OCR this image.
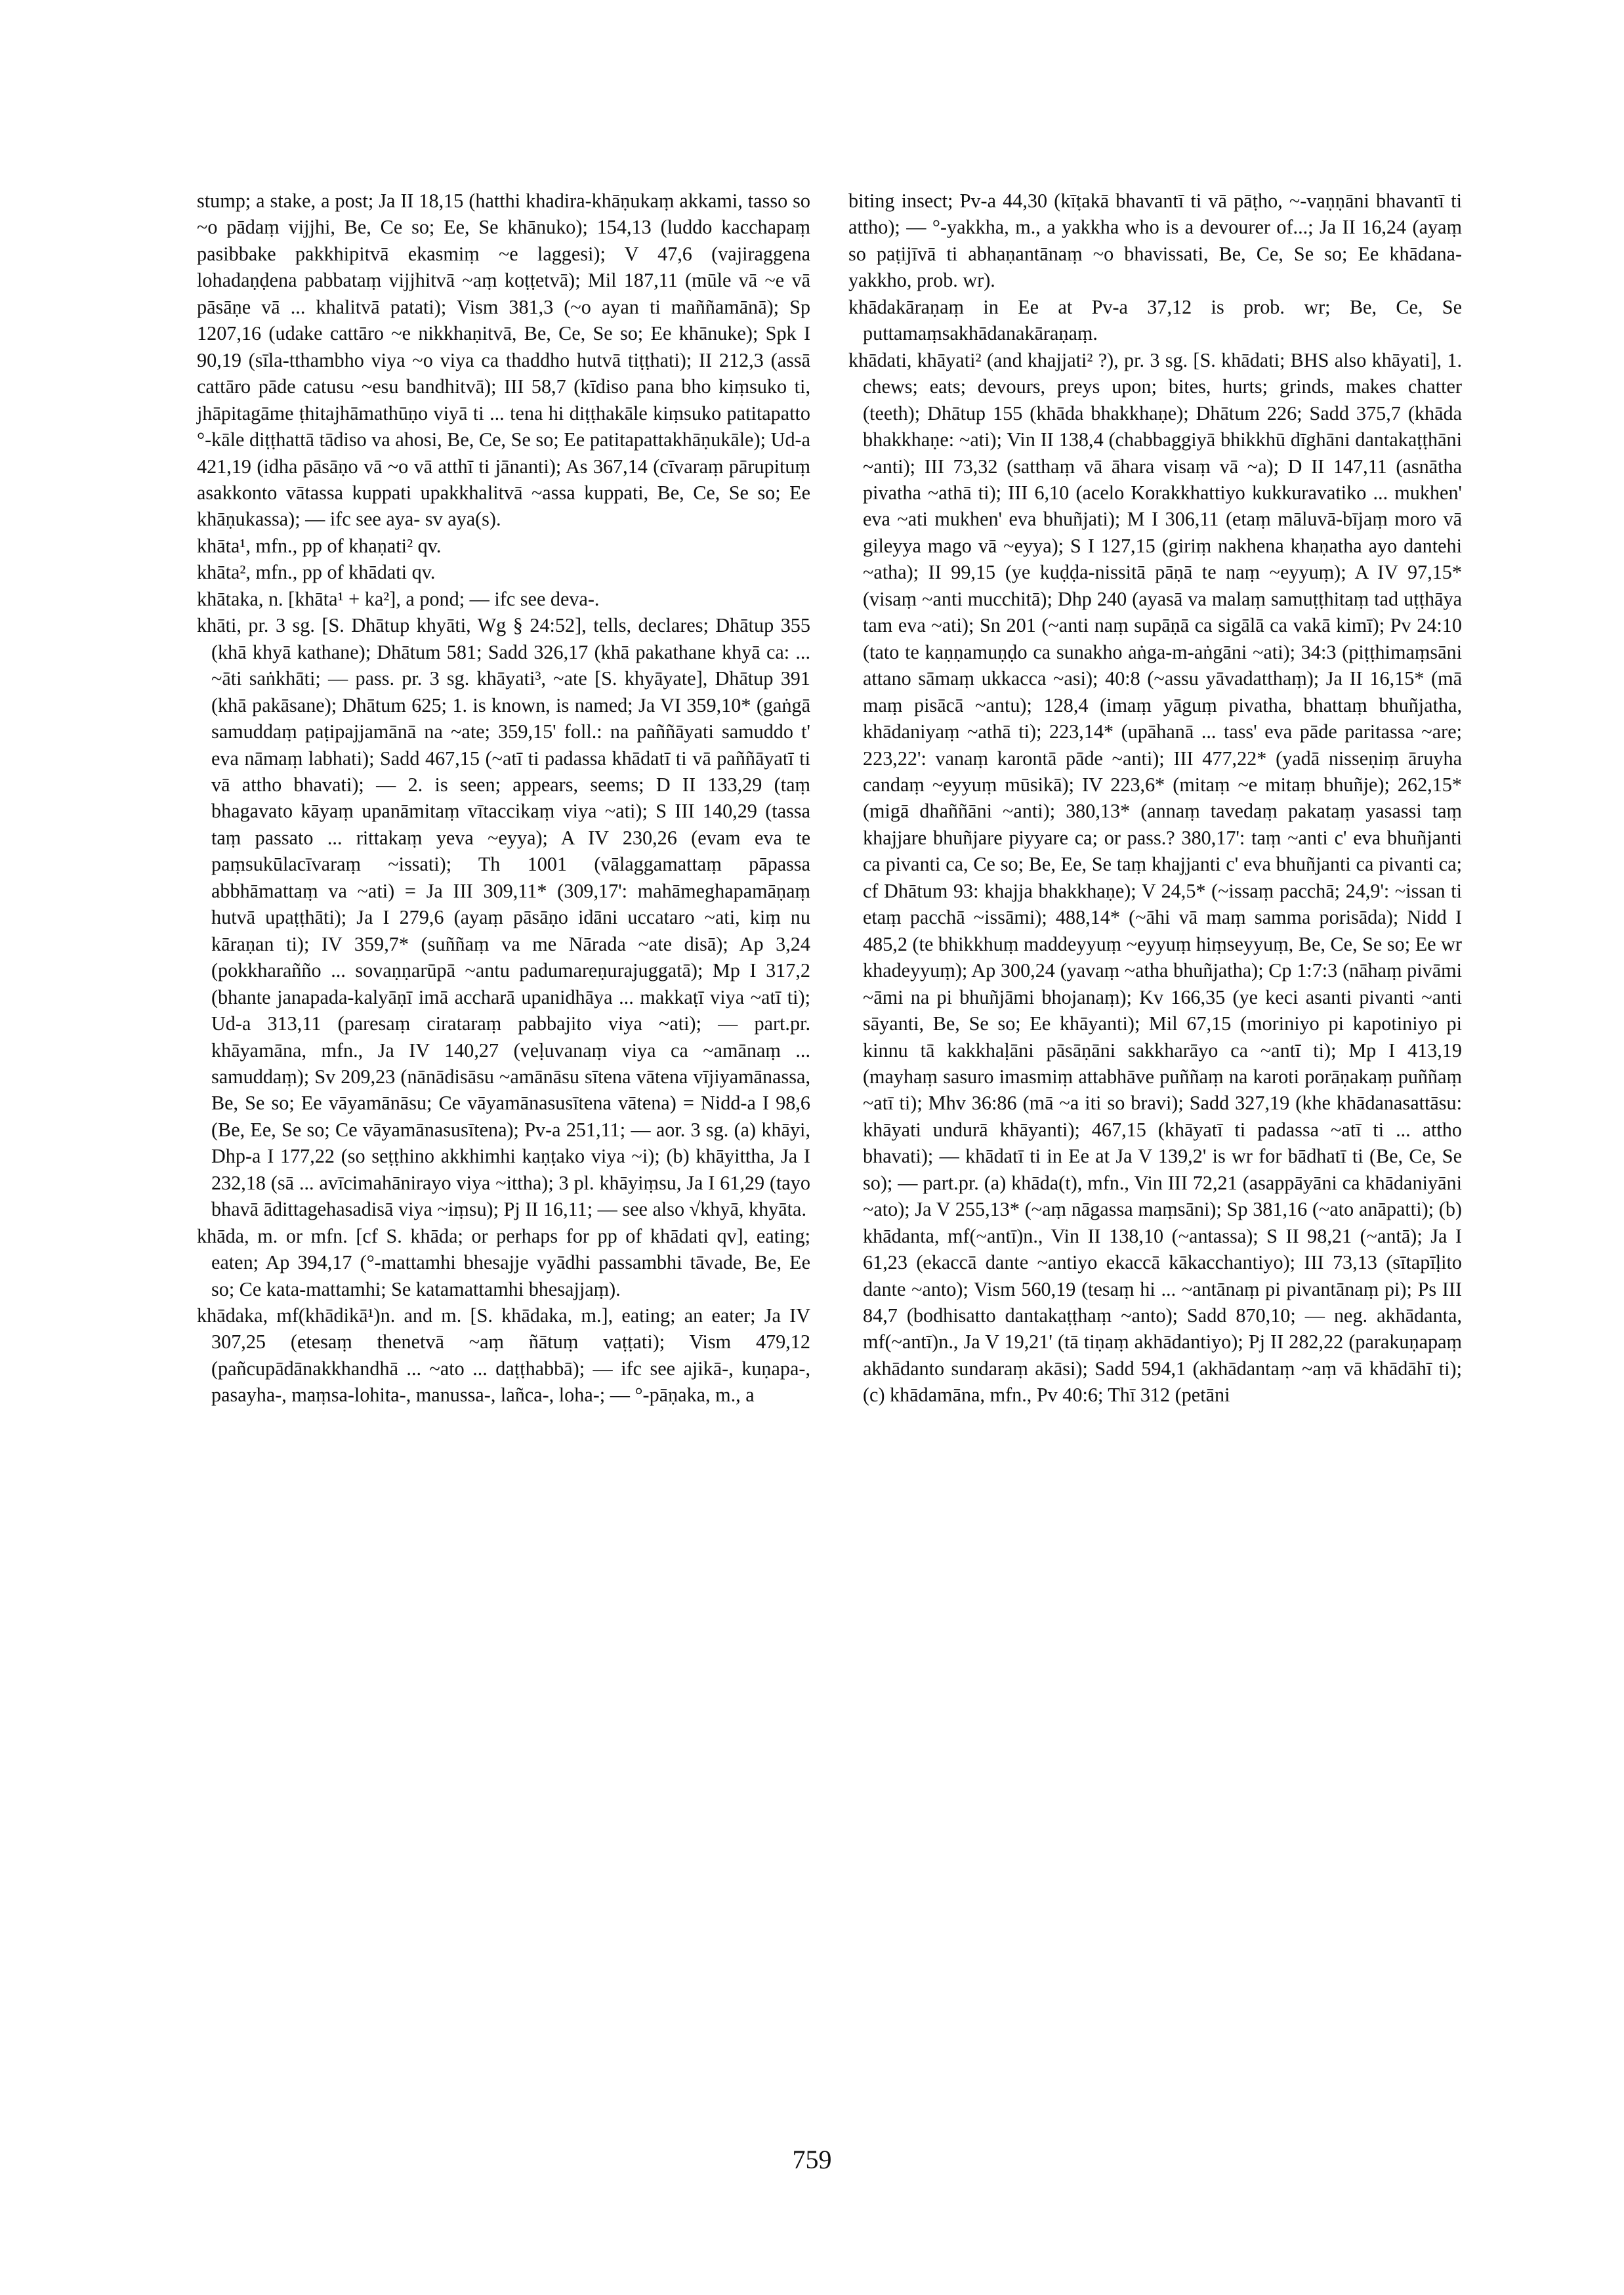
stump; a stake, a post; Ja II 18,15 (hatthi khadira-khāṇukaṃ akkami, tasso so ~o pādaṃ vijjhi, Be, Ce so; Ee, Se khānuko); 154,13 (luddo kacchapaṃ pasibbake pakkhipitvā ekasmiṃ ~e laggesi); V 47,6 (vajiraggena lohadaṇḍena pabbataṃ vijjhitvā ~aṃ koṭṭetvā); Mil 187,11 (mūle vā ~e vā pāsāṇe vā ... khalitvā patati); Vism 381,3 (~o ayan ti maññamānā); Sp 1207,16 (udake cattāro ~e nikkhaṇitvā, Be, Ce, Se so; Ee khānuke); Spk I 90,19 (sīla-tthambho viya ~o viya ca thaddho hutvā tiṭṭhati); II 212,3 (assā cattāro pāde catusu ~esu bandhitvā); III 58,7 (kīdiso pana bho kiṃsuko ti, jhāpitagāme ṭhitajhāmathūṇo viyā ti ... tena hi diṭṭhakāle kiṃsuko patitapatto °-kāle diṭṭhattā tādiso va ahosi, Be, Ce, Se so; Ee patitapattakhāṇukāle); Ud-a 421,19 (idha pāsāṇo vā ~o vā atthī ti jānanti); As 367,14 (cīvaraṃ pārupituṃ asakkonto vātassa kuppati upakkhalitvā ~assa kuppati, Be, Ce, Se so; Ee khāṇukassa); — ifc see aya- sv aya(s).

khāta¹, mfn., pp of khaṇati² qv.

khāta², mfn., pp of khādati qv.

khātaka, n. [khāta¹ + ka²], a pond; — ifc see deva-.

khāti, pr. 3 sg. [S. Dhātup khyāti, Wg § 24:52], tells, declares; Dhātup 355 (khā khyā kathane); Dhātum 581; Sadd 326,17 (khā pakathane khyā ca: ... ~āti saṅkhāti; — pass. pr. 3 sg. khāyati³, ~ate [S. khyāyate], Dhātup 391 (khā pakāsane); Dhātum 625; 1. is known, is named; Ja VI 359,10* (gaṅgā samuddaṃ paṭipajjamānā na ~ate; 359,15' foll.: na paññāyati samuddo t' eva nāmaṃ labhati); Sadd 467,15 (~atī ti padassa khādatī ti vā paññāyatī ti vā attho bhavati); — 2. is seen; appears, seems; D II 133,29 (taṃ bhagavato kāyaṃ upanāmitaṃ vītaccikaṃ viya ~ati); S III 140,29 (tassa taṃ passato ... rittakaṃ yeva ~eyya); A IV 230,26 (evam eva te paṃsukūlacīvaraṃ ~issati); Th 1001 (vālaggamattaṃ pāpassa abbhāmattaṃ va ~ati) = Ja III 309,11* (309,17': mahāmeghapamāṇaṃ hutvā upaṭṭhāti); Ja I 279,6 (ayaṃ pāsāṇo idāni uccataro ~ati, kiṃ nu kāraṇan ti); IV 359,7* (suññaṃ va me Nārada ~ate disā); Ap 3,24 (pokkharañño ... sovaṇṇarūpā ~antu padumareṇurajuggatā); Mp I 317,2 (bhante janapada-kalyāṇī imā accharā upanidhāya ... makkaṭī viya ~atī ti); Ud-a 313,11 (paresaṃ cirataraṃ pabbajito viya ~ati); — part.pr. khāyamāna, mfn., Ja IV 140,27 (veḷuvanaṃ viya ca ~amānaṃ ... samuddaṃ); Sv 209,23 (nānādisāsu ~amānāsu sītena vātena vījiyamānassa, Be, Se so; Ee vāyamānāsu; Ce vāyamānasusītena vātena) = Nidd-a I 98,6 (Be, Ee, Se so; Ce vāyamānasusītena); Pv-a 251,11; — aor. 3 sg. (a) khāyi, Dhp-a I 177,22 (so seṭṭhino akkhimhi kaṇṭako viya ~i); (b) khāyittha, Ja I 232,18 (sā ... avīcimahānirayo viya ~ittha); 3 pl. khāyiṃsu, Ja I 61,29 (tayo bhavā ādittagehasadisā viya ~iṃsu); Pj II 16,11; — see also √khyā, khyāta.

khāda, m. or mfn. [cf S. khāda; or perhaps for pp of khādati qv], eating; eaten; Ap 394,17 (°-mattamhi bhesajje vyādhi passambhi tāvade, Be, Ee so; Ce kata-mattamhi; Se katamattamhi bhesajjaṃ).

khādaka, mf(khādikā¹)n. and m. [S. khādaka, m.], eating; an eater; Ja IV 307,25 (etesaṃ thenetvā ~aṃ ñātuṃ vaṭṭati); Vism 479,12 (pañcupādānakkhandhā ... ~ato ... daṭṭhabbā); — ifc see ajikā-, kuṇapa-, pasayha-, maṃsa-lohita-, manussa-, lañca-, loha-; — °-pāṇaka, m., a

biting insect; Pv-a 44,30 (kīṭakā bhavantī ti vā pāṭho, ~-vaṇṇāni bhavantī ti attho); — °-yakkha, m., a yakkha who is a devourer of...; Ja II 16,24 (ayaṃ so paṭijīvā ti abhaṇantānaṃ ~o bhavissati, Be, Ce, Se so; Ee khādana-yakkho, prob. wr).

khādakāraṇaṃ in Ee at Pv-a 37,12 is prob. wr; Be, Ce, Se puttamaṃsakhādanakāraṇaṃ.

khādati, khāyati² (and khajjati² ?), pr. 3 sg. [S. khādati; BHS also khāyati], 1. chews; eats; devours, preys upon; bites, hurts; grinds, makes chatter (teeth); Dhātup 155 (khāda bhakkhaṇe); Dhātum 226; Sadd 375,7 (khāda bhakkhaṇe: ~ati); Vin II 138,4 (chabbaggiyā bhikkhū dīghāni dantakaṭṭhāni ~anti); III 73,32 (satthaṃ vā āhara visaṃ vā ~a); D II 147,11 (asnātha pivatha ~athā ti); III 6,10 (acelo Korakkhattiyo kukkuravatiko ... mukhen' eva ~ati mukhen' eva bhuñjati); M I 306,11 (etaṃ māluvā-bījaṃ moro vā gileyya mago vā ~eyya); S I 127,15 (giriṃ nakhena khaṇatha ayo dantehi ~atha); II 99,15 (ye kuḍḍa-nissitā pāṇā te naṃ ~eyyuṃ); A IV 97,15* (visaṃ ~anti mucchitā); Dhp 240 (ayasā va malaṃ samuṭṭhitaṃ tad uṭṭhāya tam eva ~ati); Sn 201 (~anti naṃ supāṇā ca sigālā ca vakā kimī); Pv 24:10 (tato te kaṇṇamuṇḍo ca sunakho aṅga-m-aṅgāni ~ati); 34:3 (piṭṭhimaṃsāni attano sāmaṃ ukkacca ~asi); 40:8 (~assu yāvadatthaṃ); Ja II 16,15* (mā maṃ pisācā ~antu); 128,4 (imaṃ yāguṃ pivatha, bhattaṃ bhuñjatha, khādaniyaṃ ~athā ti); 223,14* (upāhanā ... tass' eva pāde paritassa ~are; 223,22': vanaṃ karontā pāde ~anti); III 477,22* (yadā nisseṇiṃ āruyha candaṃ ~eyyuṃ mūsikā); IV 223,6* (mitaṃ ~e mitaṃ bhuñje); 262,15* (migā dhaññāni ~anti); 380,13* (annaṃ tavedaṃ pakataṃ yasassi taṃ khajjare bhuñjare piyyare ca; or pass.? 380,17': taṃ ~anti c' eva bhuñjanti ca pivanti ca, Ce so; Be, Ee, Se taṃ khajjanti c' eva bhuñjanti ca pivanti ca; cf Dhātum 93: khajja bhakkhaṇe); V 24,5* (~issaṃ pacchā; 24,9': ~issan ti etaṃ pacchā ~issāmi); 488,14* (~āhi vā maṃ samma porisāda); Nidd I 485,2 (te bhikkhuṃ maddeyyuṃ ~eyyuṃ hiṃseyyuṃ, Be, Ce, Se so; Ee wr khadeyyuṃ); Ap 300,24 (yavaṃ ~atha bhuñjatha); Cp 1:7:3 (nāhaṃ pivāmi ~āmi na pi bhuñjāmi bhojanaṃ); Kv 166,35 (ye keci asanti pivanti ~anti sāyanti, Be, Se so; Ee khāyanti); Mil 67,15 (moriniyo pi kapotiniyo pi kinnu tā kakkhaḷāni pāsāṇāni sakkharāyo ca ~antī ti); Mp I 413,19 (mayhaṃ sasuro imasmiṃ attabhāve puññaṃ na karoti porāṇakaṃ puññaṃ ~atī ti); Mhv 36:86 (mā ~a iti so bravi); Sadd 327,19 (khe khādanasattāsu: khāyati undurā khāyanti); 467,15 (khāyatī ti padassa ~atī ti ... attho bhavati); — khādatī ti in Ee at Ja V 139,2' is wr for bādhatī ti (Be, Ce, Se so); — part.pr. (a) khāda(t), mfn., Vin III 72,21 (asappāyāni ca khādaniyāni ~ato); Ja V 255,13* (~aṃ nāgassa maṃsāni); Sp 381,16 (~ato anāpatti); (b) khādanta, mf(~antī)n., Vin II 138,10 (~antassa); S II 98,21 (~antā); Ja I 61,23 (ekaccā dante ~antiyo ekaccā kākacchantiyo); III 73,13 (sītapīḷito dante ~anto); Vism 560,19 (tesaṃ hi ... ~antānaṃ pi pivantānaṃ pi); Ps III 84,7 (bodhisatto dantakaṭṭhaṃ ~anto); Sadd 870,10; — neg. akhādanta, mf(~antī)n., Ja V 19,21' (tā tiṇaṃ akhādantiyo); Pj II 282,22 (parakuṇapaṃ akhādanto sundaraṃ akāsi); Sadd 594,1 (akhādantaṃ ~aṃ vā khādāhī ti); (c) khādamāna, mfn., Pv 40:6; Thī 312 (petāni

759
